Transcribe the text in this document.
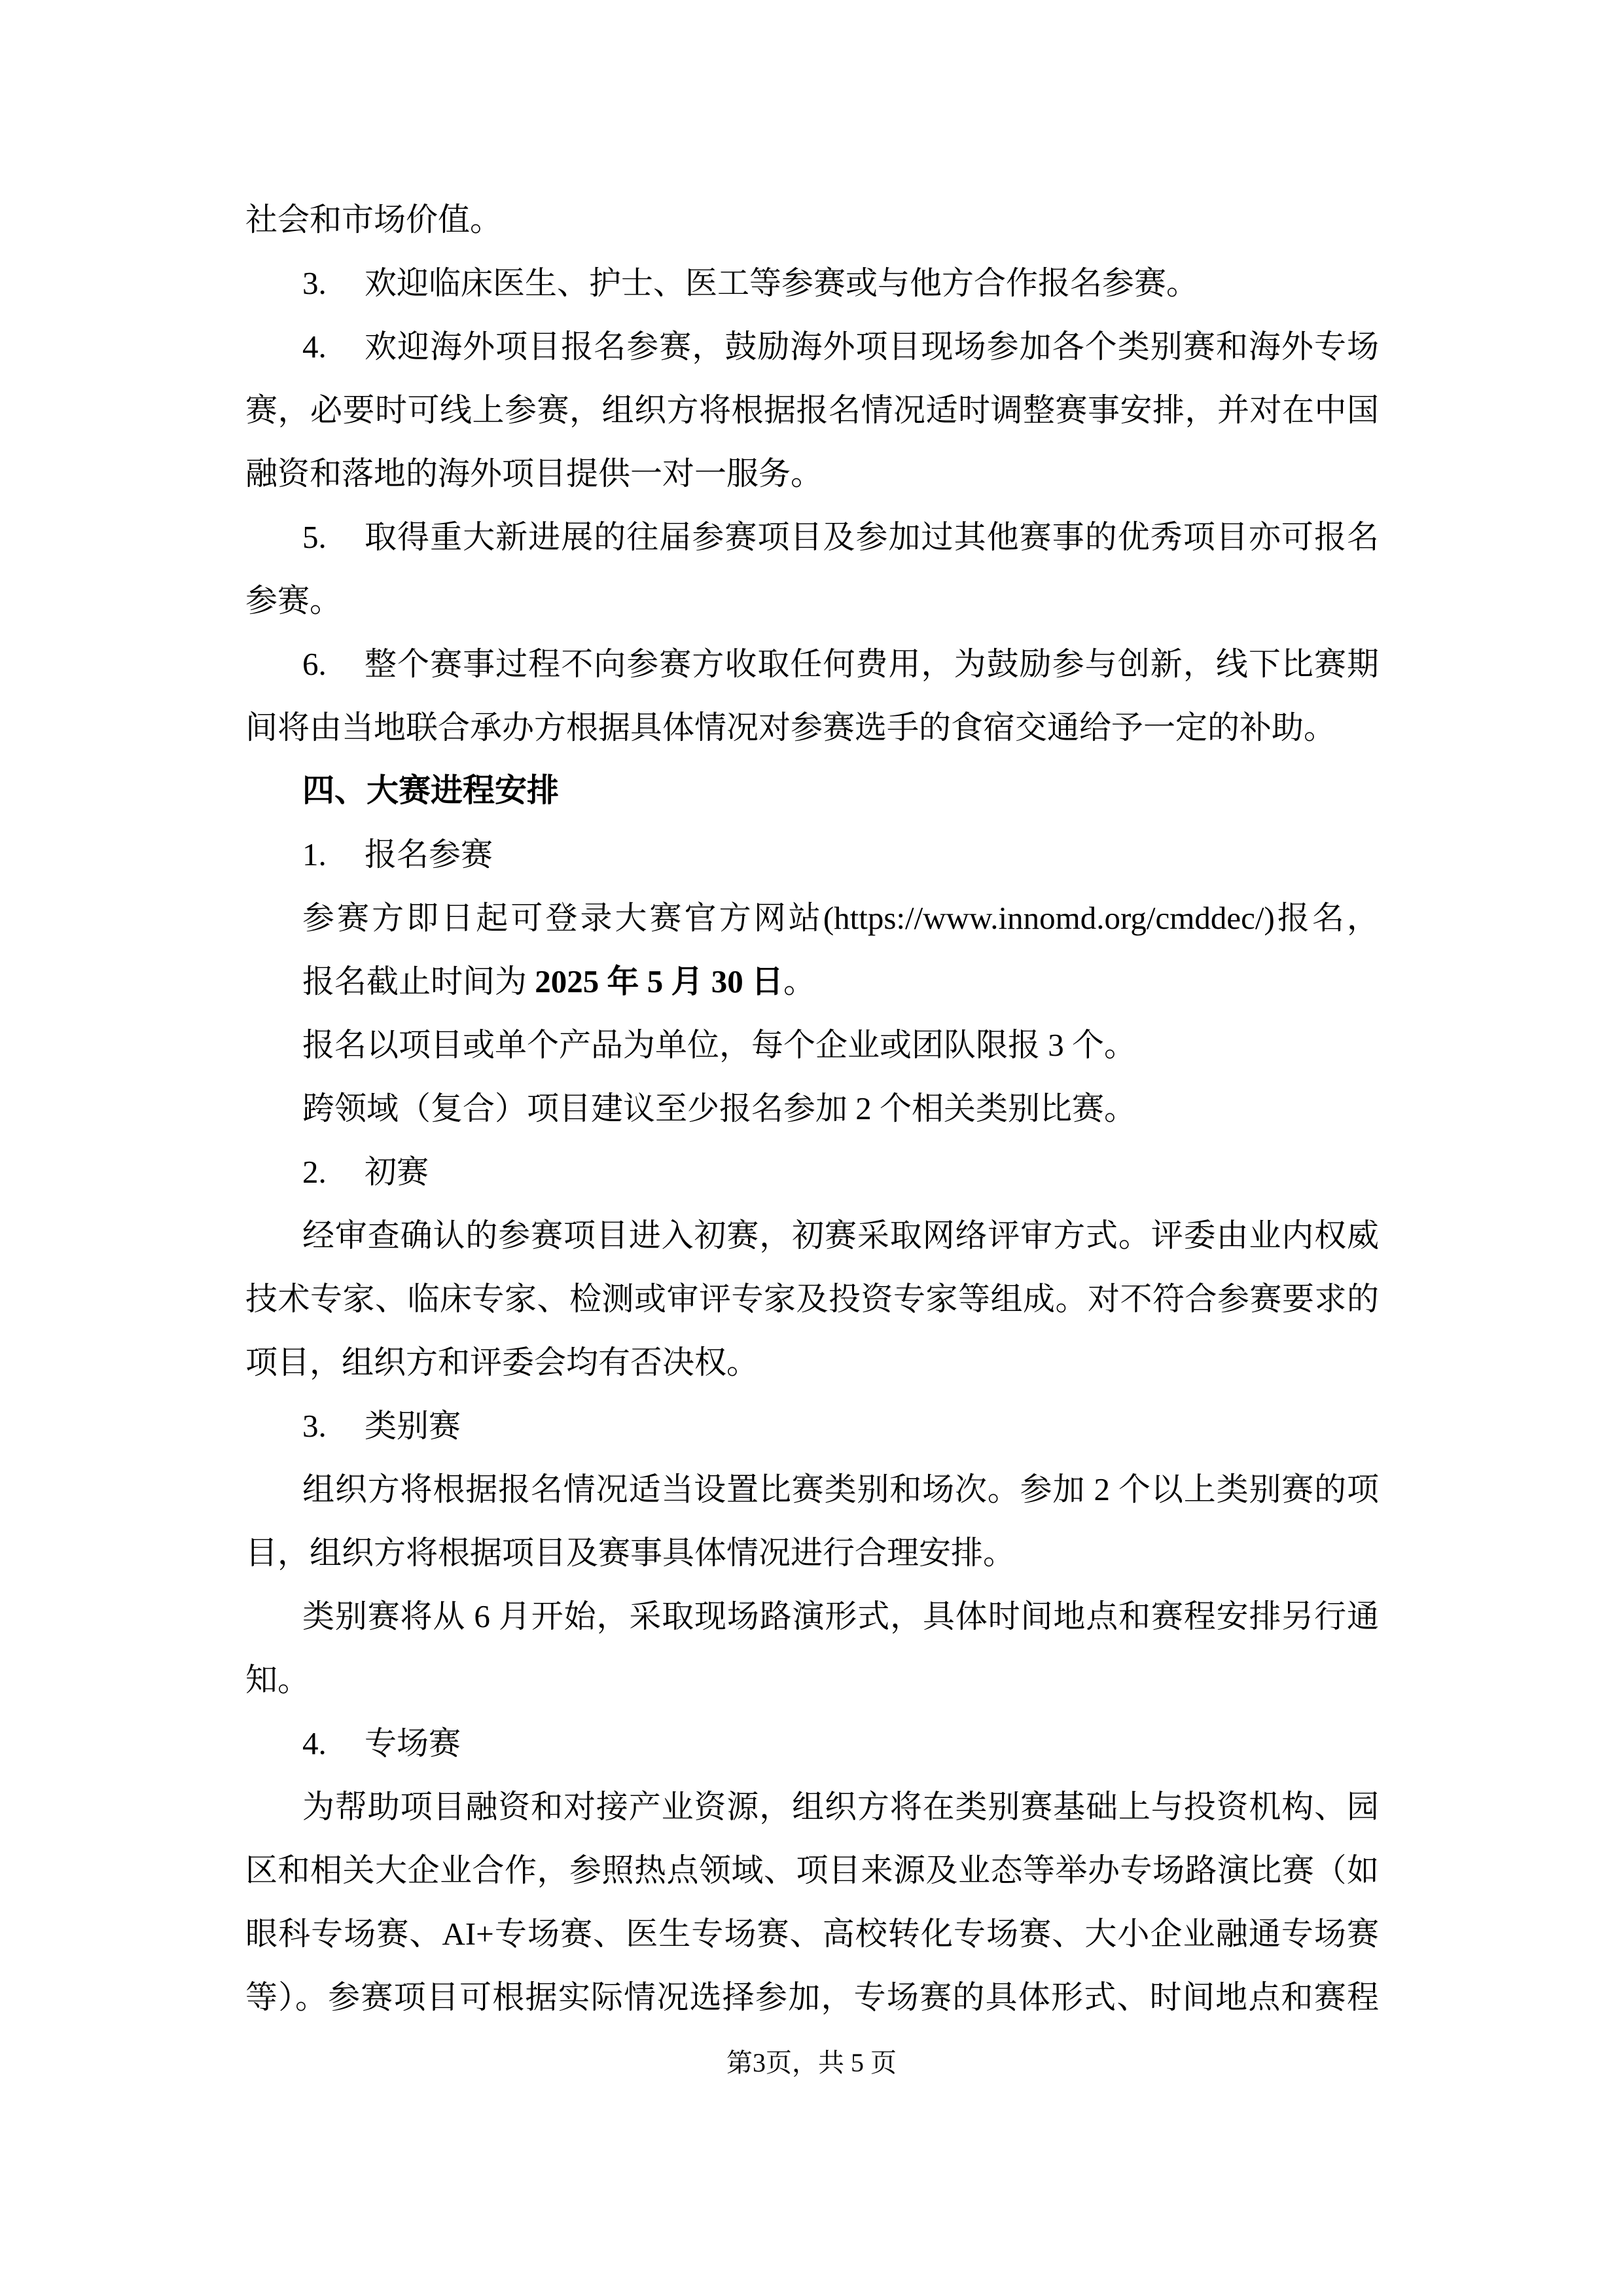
社会和市场价值。
3.	欢迎临床医生、护士、医工等参赛或与他方合作报名参赛。
4.	欢迎海外项目报名参赛，鼓励海外项目现场参加各个类别赛和海外专场
赛，必要时可线上参赛，组织方将根据报名情况适时调整赛事安排，并对在中国
融资和落地的海外项目提供一对一服务。
5.	取得重大新进展的往届参赛项目及参加过其他赛事的优秀项目亦可报名
参赛。
6.	整个赛事过程不向参赛方收取任何费用，为鼓励参与创新，线下比赛期
间将由当地联合承办方根据具体情况对参赛选手的食宿交通给予一定的补助。
四、大赛进程安排
1.	报名参赛
参赛方即日起可登录大赛官方网站(https://www.innomd.org/cmddec/)报名，
报名截止时间为 2025 年 5 月 30 日。
报名以项目或单个产品为单位，每个企业或团队限报 3 个。
跨领域（复合）项目建议至少报名参加 2 个相关类别比赛。
2.	初赛
经审查确认的参赛项目进入初赛，初赛采取网络评审方式。评委由业内权威
技术专家、临床专家、检测或审评专家及投资专家等组成。对不符合参赛要求的
项目，组织方和评委会均有否决权。
3.	类别赛
组织方将根据报名情况适当设置比赛类别和场次。参加 2 个以上类别赛的项
目，组织方将根据项目及赛事具体情况进行合理安排。
类别赛将从 6 月开始，采取现场路演形式，具体时间地点和赛程安排另行通
知。
4.	专场赛
为帮助项目融资和对接产业资源，组织方将在类别赛基础上与投资机构、园
区和相关大企业合作，参照热点领域、项目来源及业态等举办专场路演比赛（如
眼科专场赛、AI+专场赛、医生专场赛、高校转化专场赛、大小企业融通专场赛
等）。参赛项目可根据实际情况选择参加，专场赛的具体形式、时间地点和赛程
第3页，共 5 页
